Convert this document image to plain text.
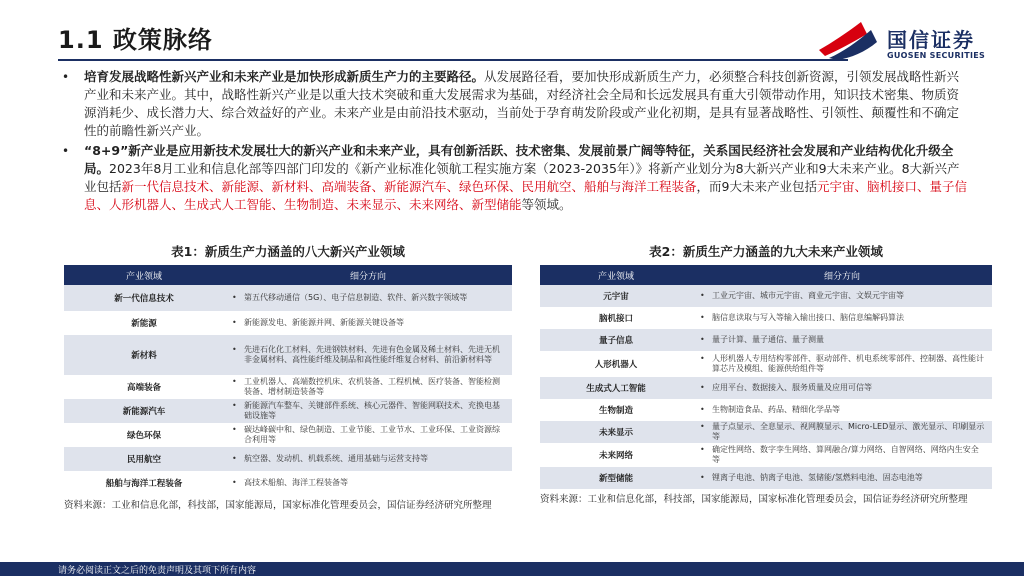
1.1 政策脉络	国信证券
GUOSEN SECURITIES
• 培育发展战略性新兴产业和未来产业是加快形成新质生产力的主要路径。从发展路径看，要加快形成新质生产力，必须整合科技创新资源，引领发展战略性新兴产业和未来产业。其中，战略性新兴产业是以重大技术突破和重大发展需求为基础，对经济社会全局和长远发展具有重大引领带动作用，知识技术密集、物质资源消耗少、成长潜力大、综合效益好的产业。未来产业是由前沿技术驱动，当前处于孕育萌发阶段或产业化初期，是具有显著战略性、引领性、颠覆性和不确定性的前瞻性新兴产业。
• “8+9”新产业是应用新技术发展壮大的新兴产业和未来产业，具有创新活跃、技术密集、发展前景广阔等特征，关系国民经济社会发展和产业结构优化升级全局。2023年8月工业和信息化部等四部门印发的《新产业标准化领航工程实施方案（2023-2035年）》将新产业划分为8大新兴产业和9大未来产业。8大新兴产业包括新一代信息技术、新能源、新材料、高端装备、新能源汽车、绿色环保、民用航空、船舶与海洋工程装备，而9大未来产业包括元宇宙、脑机接口、量子信息、人形机器人、生成式人工智能、生物制造、未来显示、未来网络、新型储能等领域。
表1：新质生产力涵盖的八大新兴产业领域
产业领域	细分方向
新一代信息技术	• 第五代移动通信（5G）、电子信息制造、软件、新兴数字领域等

新能源	• 新能源发电、新能源并网、新能源关键设备等

新材料	• 先进石化化工材料、先进钢铁材料、先进有色金属及稀土材料、先进无机非金属材料、高性能纤维及制品和高性能纤维复合材料、前沿新材料等

高端装备	• 工业机器人、高端数控机床、农机装备、工程机械、医疗装备、智能检测装备、增材制造装备等

新能源汽车	• 新能源汽车整车、关键部件系统、核心元器件、智能网联技术、充换电基础设施等

绿色环保	• 碳达峰碳中和、绿色制造、工业节能、工业节水、工业环保、工业资源综合利用等

民用航空	• 航空器、发动机、机载系统、通用基础与运营支持等

船舶与海洋工程装备	• 高技术船舶、海洋工程装备等
资料来源：工业和信息化部，科技部，国家能源局，国家标准化管理委员会，国信证券经济研究所整理
表2：新质生产力涵盖的九大未来产业领域
产业领域	细分方向
元宇宙	• 工业元宇宙、城市元宇宙、商业元宇宙、文娱元宇宙等

脑机接口	• 脑信息读取与写入等输入输出接口、脑信息编解码算法

量子信息	• 量子计算、量子通信、量子测量

人形机器人	• 人形机器人专用结构零部件、驱动部件、机电系统零部件、控制器、高性能计算芯片及模组、能源供给组件等

生成式人工智能	• 应用平台、数据接入、服务质量及应用可信等

生物制造	• 生物制造食品、药品、精细化学品等

未来显示	• 量子点显示、全息显示、视网膜显示、Micro-LED显示、激光显示、印刷显示等

未来网络	• 确定性网络、数字孪生网络、算网融合/算力网络、自智网络、网络内生安全等

新型储能	• 锂离子电池、钠离子电池、氢储能/氢燃料电池、固态电池等
资料来源：工业和信息化部，科技部，国家能源局，国家标准化管理委员会，国信证券经济研究所整理
请务必阅读正文之后的免责声明及其项下所有内容
